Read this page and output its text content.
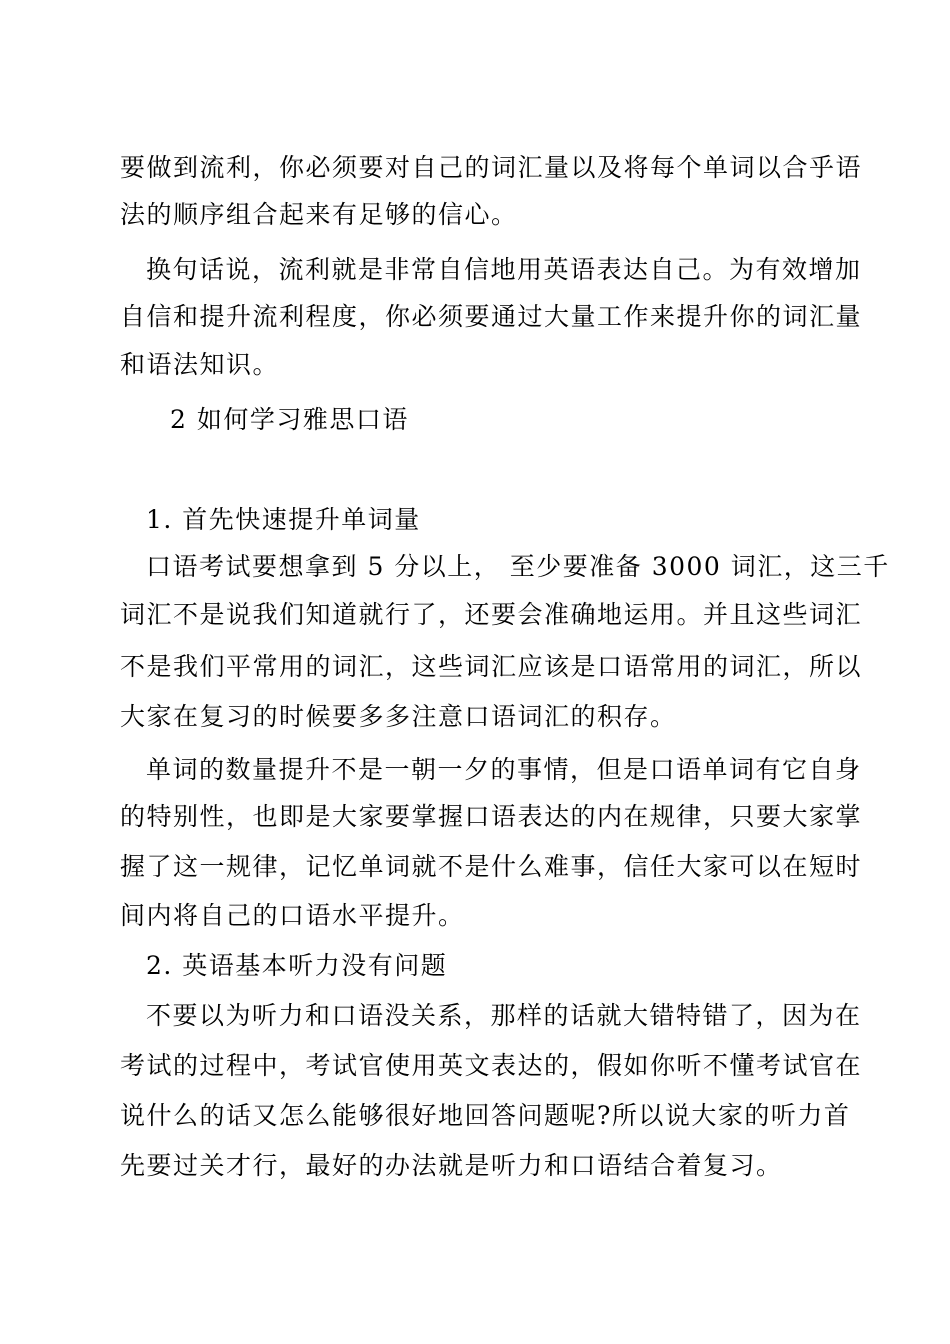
要做到流利，你必须要对自己的词汇量以及将每个单词以合乎语
法的顺序组合起来有足够的信心。
换句话说，流利就是非常自信地用英语表达自己。为有效增加
自信和提升流利程度，你必须要通过大量工作来提升你的词汇量
和语法知识。
2 如何学习雅思口语
1. 首先快速提升单词量
口语考试要想拿到 5 分以上， 至少要准备 3000 词汇，这三千
词汇不是说我们知道就行了，还要会准确地运用。并且这些词汇
不是我们平常用的词汇，这些词汇应该是口语常用的词汇，所以
大家在复习的时候要多多注意口语词汇的积存。
单词的数量提升不是一朝一夕的事情，但是口语单词有它自身
的特别性，也即是大家要掌握口语表达的内在规律，只要大家掌
握了这一规律，记忆单词就不是什么难事，信任大家可以在短时
间内将自己的口语水平提升。
2. 英语基本听力没有问题
不要以为听力和口语没关系，那样的话就大错特错了，因为在
考试的过程中，考试官使用英文表达的，假如你听不懂考试官在
说什么的话又怎么能够很好地回答问题呢?所以说大家的听力首
先要过关才行，最好的办法就是听力和口语结合着复习。
